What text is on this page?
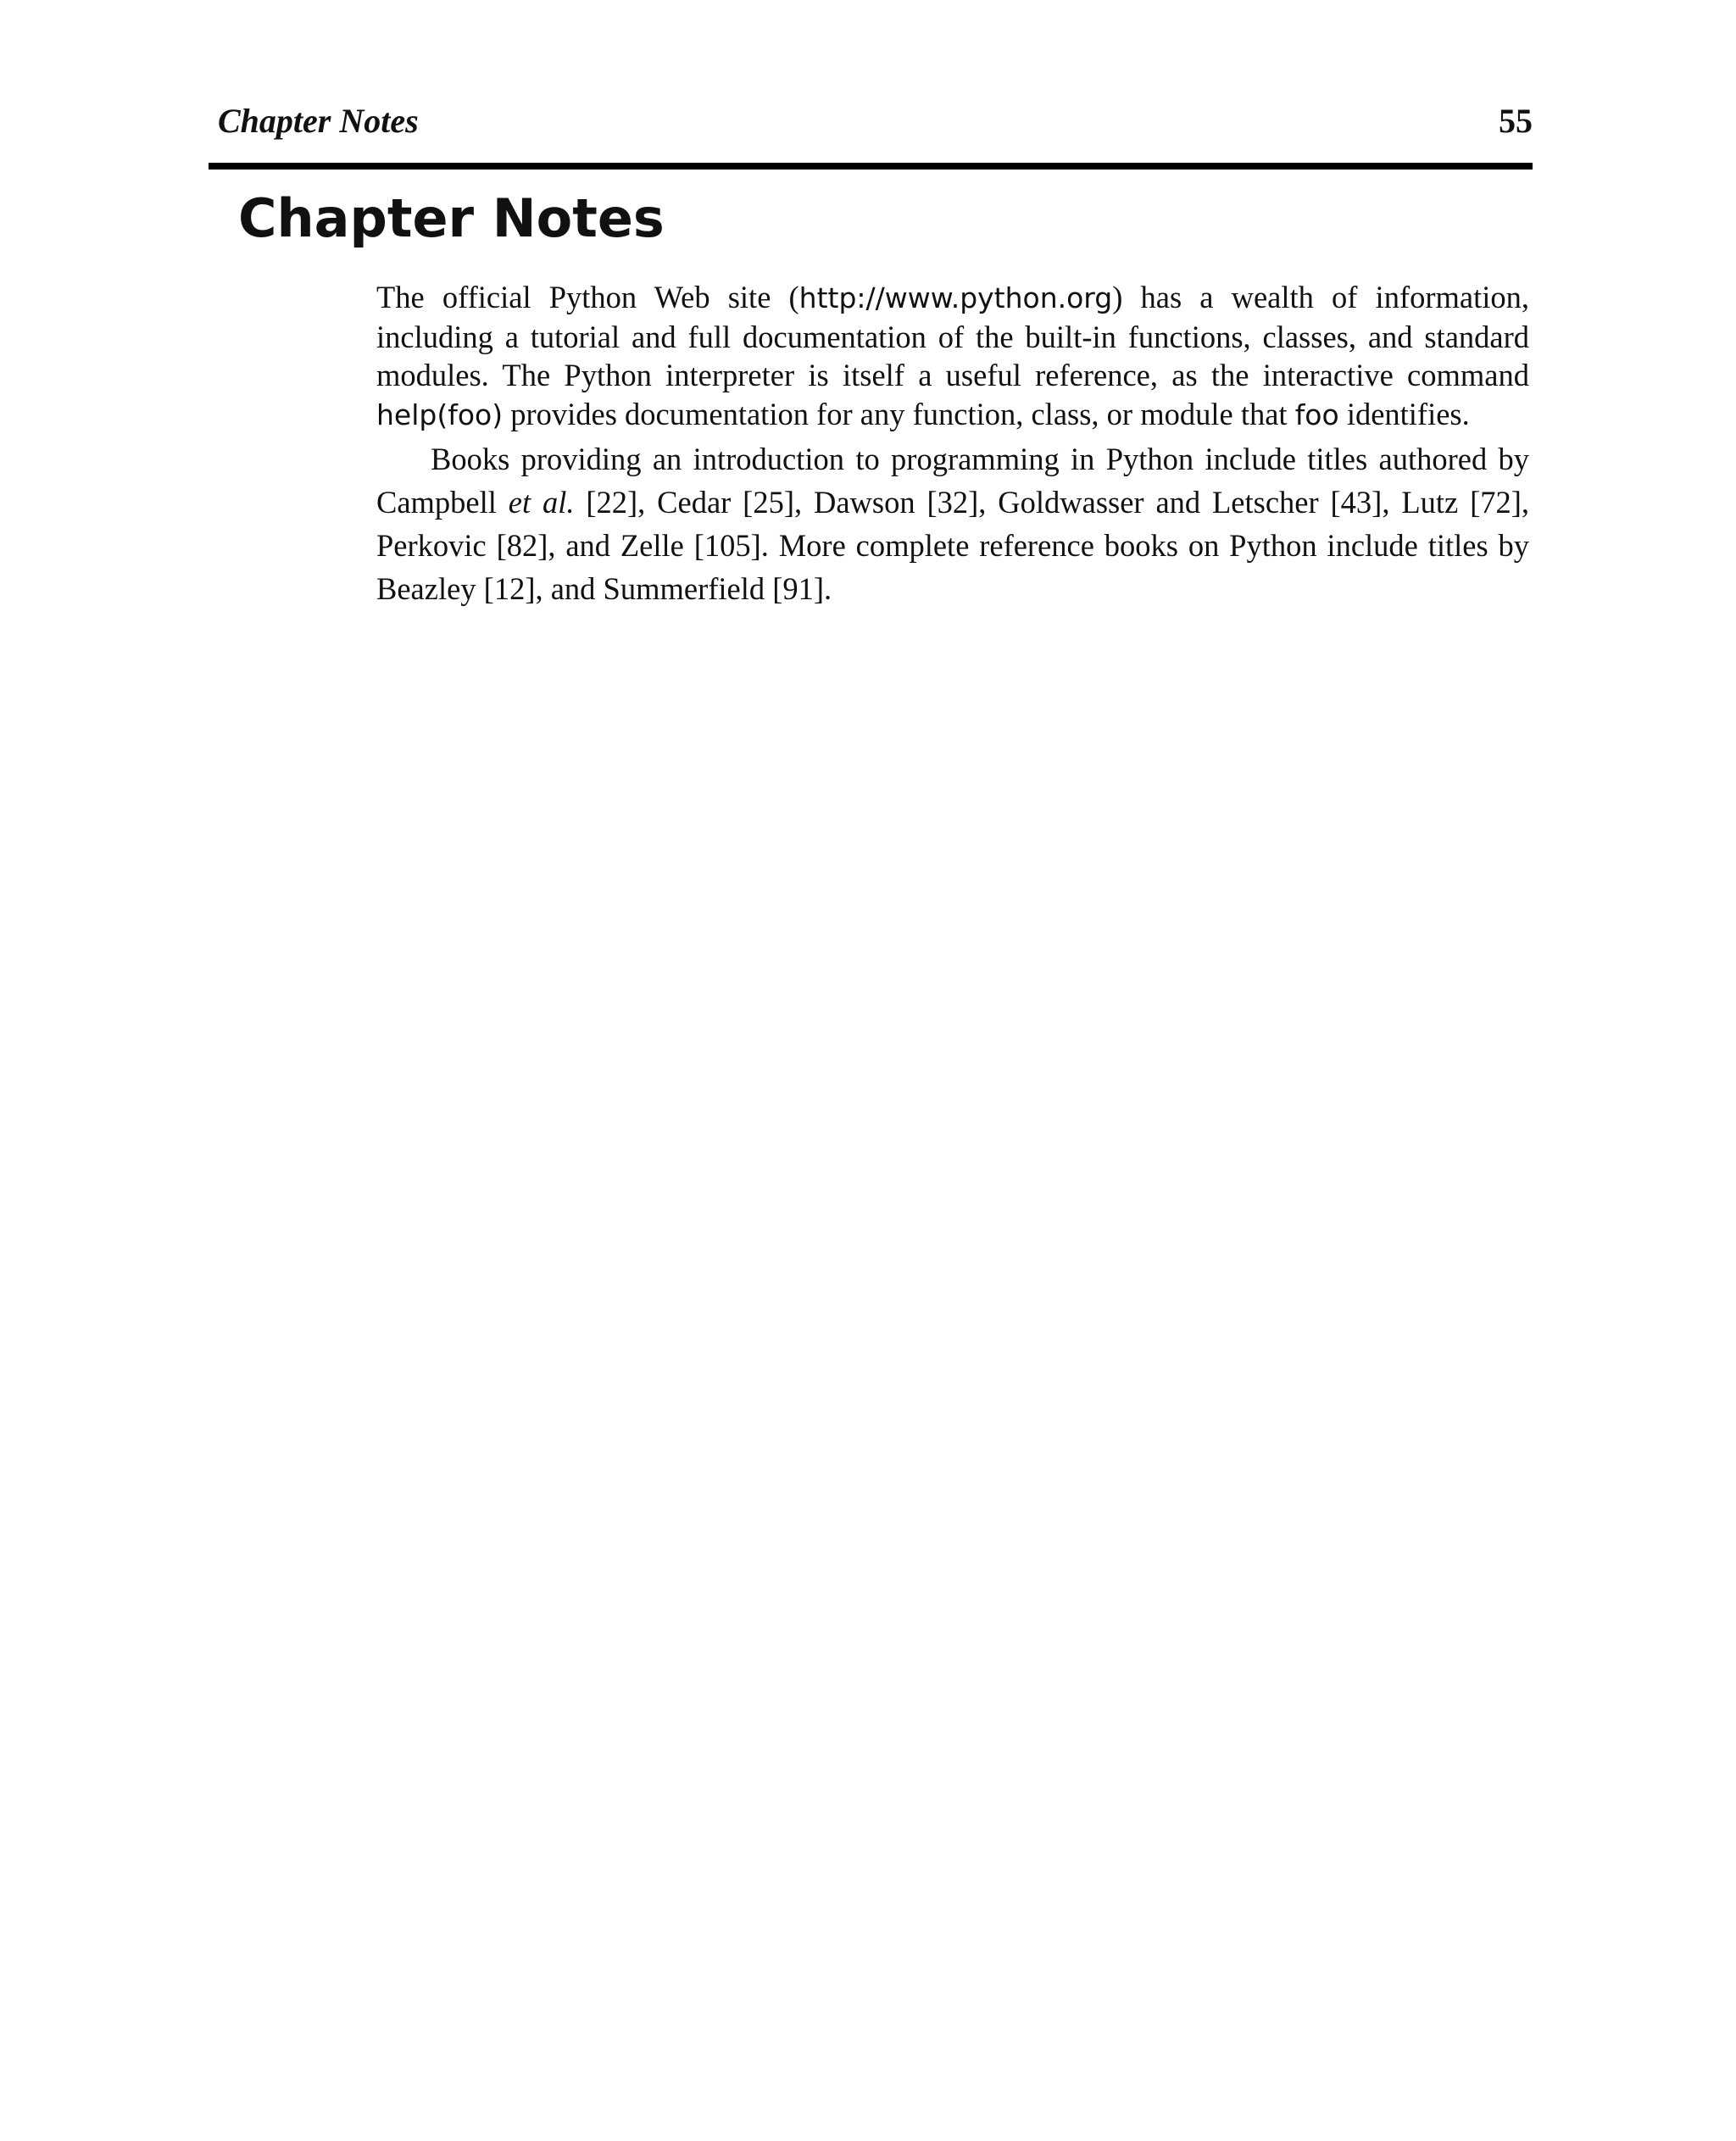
Chapter Notes	55
Chapter Notes

The official Python Web site (http://www.python.org) has a wealth of information, including a tutorial and full documentation of the built-in functions, classes, and standard modules. The Python interpreter is itself a useful reference, as the interactive command help(foo) provides documentation for any function, class, or module that foo identifies.

Books providing an introduction to programming in Python include titles authored by Campbell et al. [22], Cedar [25], Dawson [32], Goldwasser and Letscher [43], Lutz [72], Perkovic [82], and Zelle [105]. More complete reference books on Python include titles by Beazley [12], and Summerfield [91].
